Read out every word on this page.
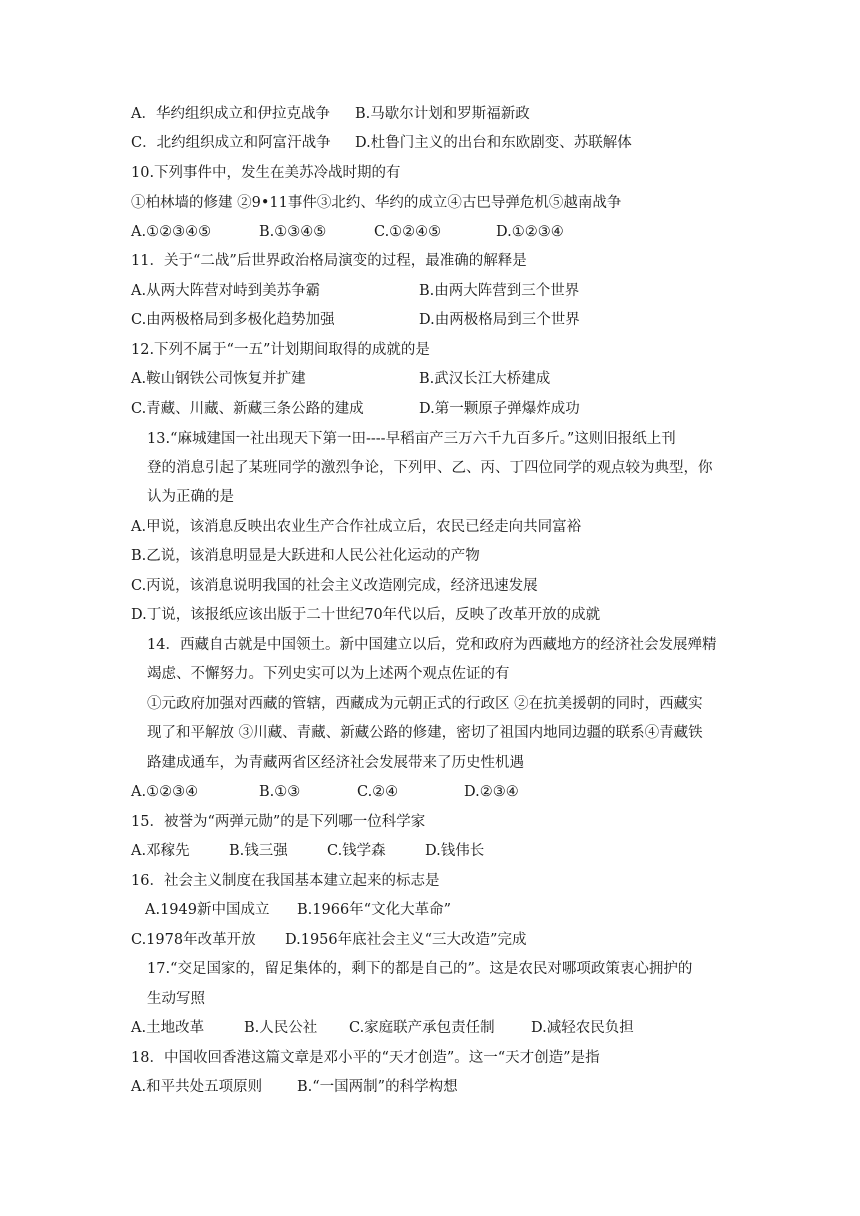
A．华约组织成立和伊拉克战争 B.马歇尔计划和罗斯福新政
C．北约组织成立和阿富汗战争 D.杜鲁门主义的出台和东欧剧变、苏联解体
10.下列事件中，发生在美苏冷战时期的有
①柏林墙的修建 ②9•11事件③北约、华约的成立④古巴导弹危机⑤越南战争
A.①②③④⑤	B.①③④⑤	C.①②④⑤	D.①②③④
11．关于“二战”后世界政治格局演变的过程，最准确的解释是
A.从两大阵营对峙到美苏争霸	B.由两大阵营到三个世界
C.由两极格局到多极化趋势加强	D.由两极格局到三个世界
12.下列不属于“一五”计划期间取得的成就的是
A.鞍山钢铁公司恢复并扩建	B.武汉长江大桥建成
C.青藏、川藏、新藏三条公路的建成	D.第一颗原子弹爆炸成功
13.“麻城建国一社出现天下第一田----早稻亩产三万六千九百多斤。”这则旧报纸上刊
登的消息引起了某班同学的激烈争论，下列甲、乙、丙、丁四位同学的观点较为典型，你
认为正确的是
A.甲说，该消息反映出农业生产合作社成立后，农民已经走向共同富裕
B.乙说，该消息明显是大跃进和人民公社化运动的产物
C.丙说，该消息说明我国的社会主义改造刚完成，经济迅速发展
D.丁说，该报纸应该出版于二十世纪70年代以后，反映了改革开放的成就
14．西藏自古就是中国领土。新中国建立以后，党和政府为西藏地方的经济社会发展殚精
竭虑、不懈努力。下列史实可以为上述两个观点佐证的有
①元政府加强对西藏的管辖，西藏成为元朝正式的行政区 ②在抗美援朝的同时，西藏实
现了和平解放 ③川藏、青藏、新藏公路的修建，密切了祖国内地同边疆的联系④青藏铁
路建成通车，为青藏两省区经济社会发展带来了历史性机遇
A.①②③④	B.①③	C.②④	D.②③④
15．被誉为“两弹元勋”的是下列哪一位科学家
A.邓稼先	B.钱三强	C.钱学森	D.钱伟长
16．社会主义制度在我国基本建立起来的标志是
A.1949新中国成立 B.1966年“文化大革命”
C.1978年改革开放 D.1956年底社会主义“三大改造”完成
17.“交足国家的，留足集体的，剩下的都是自己的”。这是农民对哪项政策衷心拥护的
生动写照
A.土地改革	B.人民公社 C.家庭联产承包责任制	D.减轻农民负担
18．中国收回香港这篇文章是邓小平的“天才创造”。这一“天才创造”是指
A.和平共处五项原则 B.“一国两制”的科学构想
